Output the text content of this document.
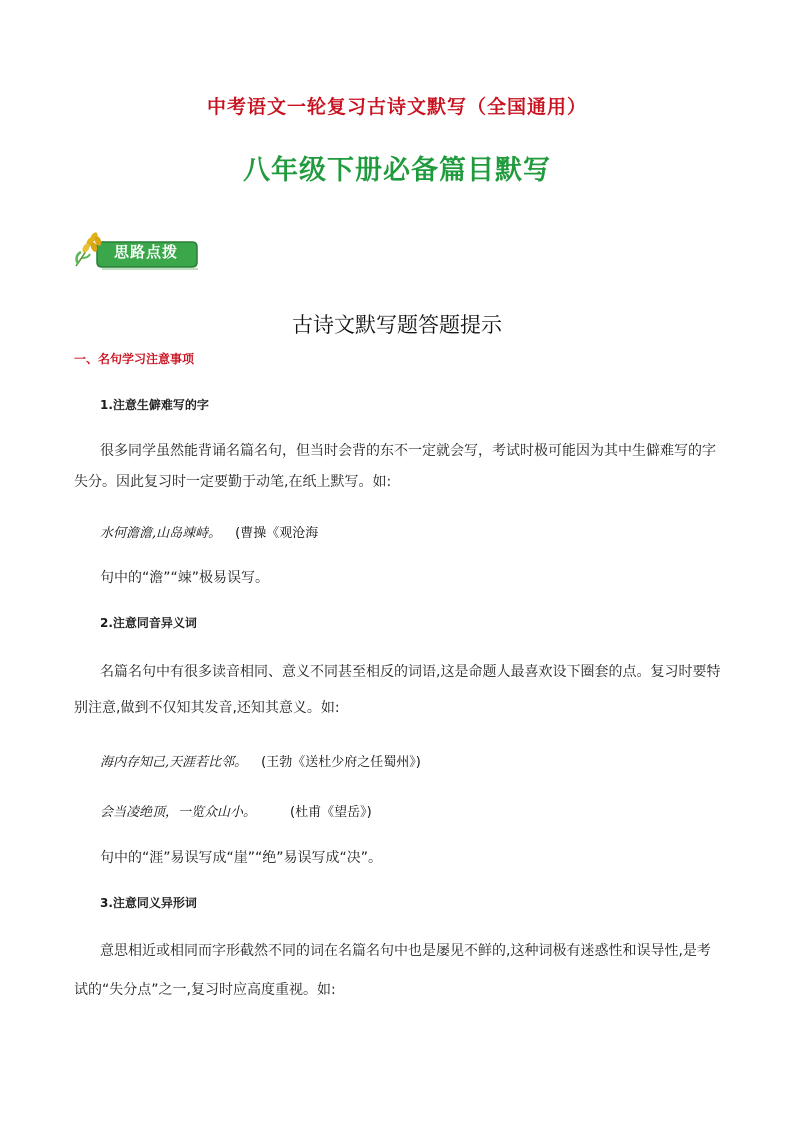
中考语文一轮复习古诗文默写（全国通用）
八年级下册必备篇目默写
思路点拨
古诗文默写题答题提示
一、名句学习注意事项
1.注意生僻难写的字
很多同学虽然能背诵名篇名句，但当时会背的东不一定就会写，考试时极可能因为其中生僻难写的字
失分。因此复习时一定要勤于动笔,在纸上默写。如:
水何澹澹,山岛竦峙。 (曹操《观沧海
句中的“澹”“竦”极易误写。
2.注意同音异义词
名篇名句中有很多读音相同、意义不同甚至相反的词语,这是命题人最喜欢设下圈套的点。复习时要特
别注意,做到不仅知其发音,还知其意义。如:
海内存知己,天涯若比邻。 (王勃《送杜少府之任蜀州》)
会当凌绝顶，一览众山小。	(杜甫《望岳》)
句中的“涯”易误写成“崖”“绝”易误写成“决”。
3.注意同义异形词
意思相近或相同而字形截然不同的词在名篇名句中也是屡见不鲜的,这种词极有迷惑性和误导性,是考
试的“失分点”之一,复习时应高度重视。如:
